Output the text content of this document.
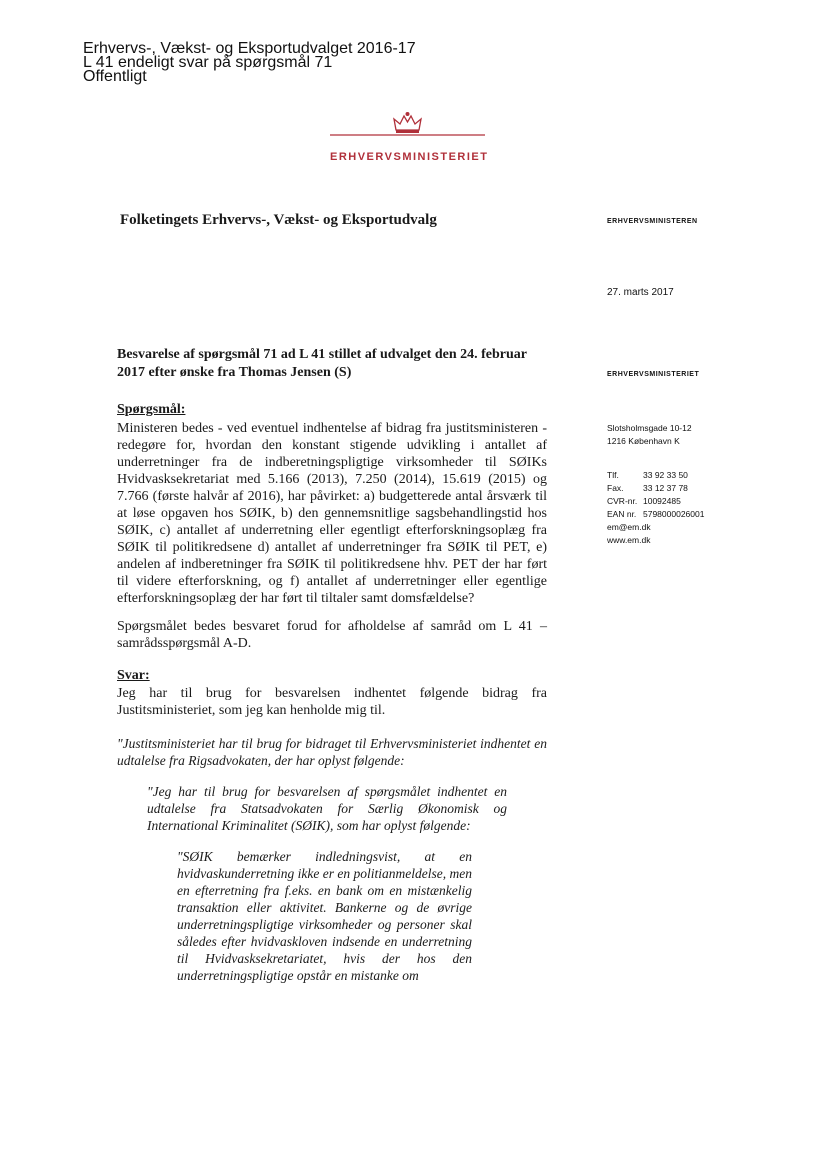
Erhvervs-, Vækst- og Eksportudvalget 2016-17
L 41 endeligt svar på spørgsmål 71
Offentligt
ERHVERVSMINISTERIET
Folketingets Erhvervs-, Vækst- og Eksportudvalg	ERHVERVSMINISTEREN
27. marts 2017
Besvarelse af spørgsmål 71 ad L 41 stillet af udvalget den 24. februar 2017 efter ønske fra Thomas Jensen (S)	ERHVERVSMINISTERIET
Slotsholmsgade 10-12
1216 København K
Tlf.	33 92 33 50
Fax. 33 12 37 78
CVR-nr. 10092485
EAN nr. 5798000026001
em@em.dk
www.em.dk
Spørgsmål:
Ministeren bedes - ved eventuel indhentelse af bidrag fra justitsministeren - redegøre for, hvordan den konstant stigende udvikling i antallet af underretninger fra de indberetningspligtige virksomheder til SØIKs Hvidvasksekretariat med 5.166 (2013), 7.250 (2014), 15.619 (2015) og 7.766 (første halvår af 2016), har påvirket: a) budgetterede antal årsværk til at løse opgaven hos SØIK, b) den gennemsnitlige sagsbehandlingstid hos SØIK, c) antallet af underretning eller egentligt efterforskningsoplæg fra SØIK til politikredsene d) antallet af underretninger fra SØIK til PET, e) andelen af indberetninger fra SØIK til politikredsene hhv. PET der har ført til videre efterforskning, og f) antallet af underretninger eller egentlige efterforskningsoplæg der har ført til tiltaler samt domsfældelse?
Spørgsmålet bedes besvaret forud for afholdelse af samråd om L 41 – samrådsspørgsmål A-D.
Svar:
Jeg har til brug for besvarelsen indhentet følgende bidrag fra Justitsministeriet, som jeg kan henholde mig til.
"Justitsministeriet har til brug for bidraget til Erhvervsministeriet indhentet en udtalelse fra Rigsadvokaten, der har oplyst følgende:
"Jeg har til brug for besvarelsen af spørgsmålet indhentet en udtalelse fra Statsadvokaten for Særlig Økonomisk og International Kriminalitet (SØIK), som har oplyst følgende:
"SØIK bemærker indledningsvist, at en hvidvaskunderretning ikke er en politianmeldelse, men en efterretning fra f.eks. en bank om en mistænkelig transaktion eller aktivitet. Bankerne og de øvrige underretningspligtige virksomheder og personer skal således efter hvidvaskloven indsende en underretning til Hvidvasksekretariatet, hvis der hos den underretningspligtige opstår en mistanke om
